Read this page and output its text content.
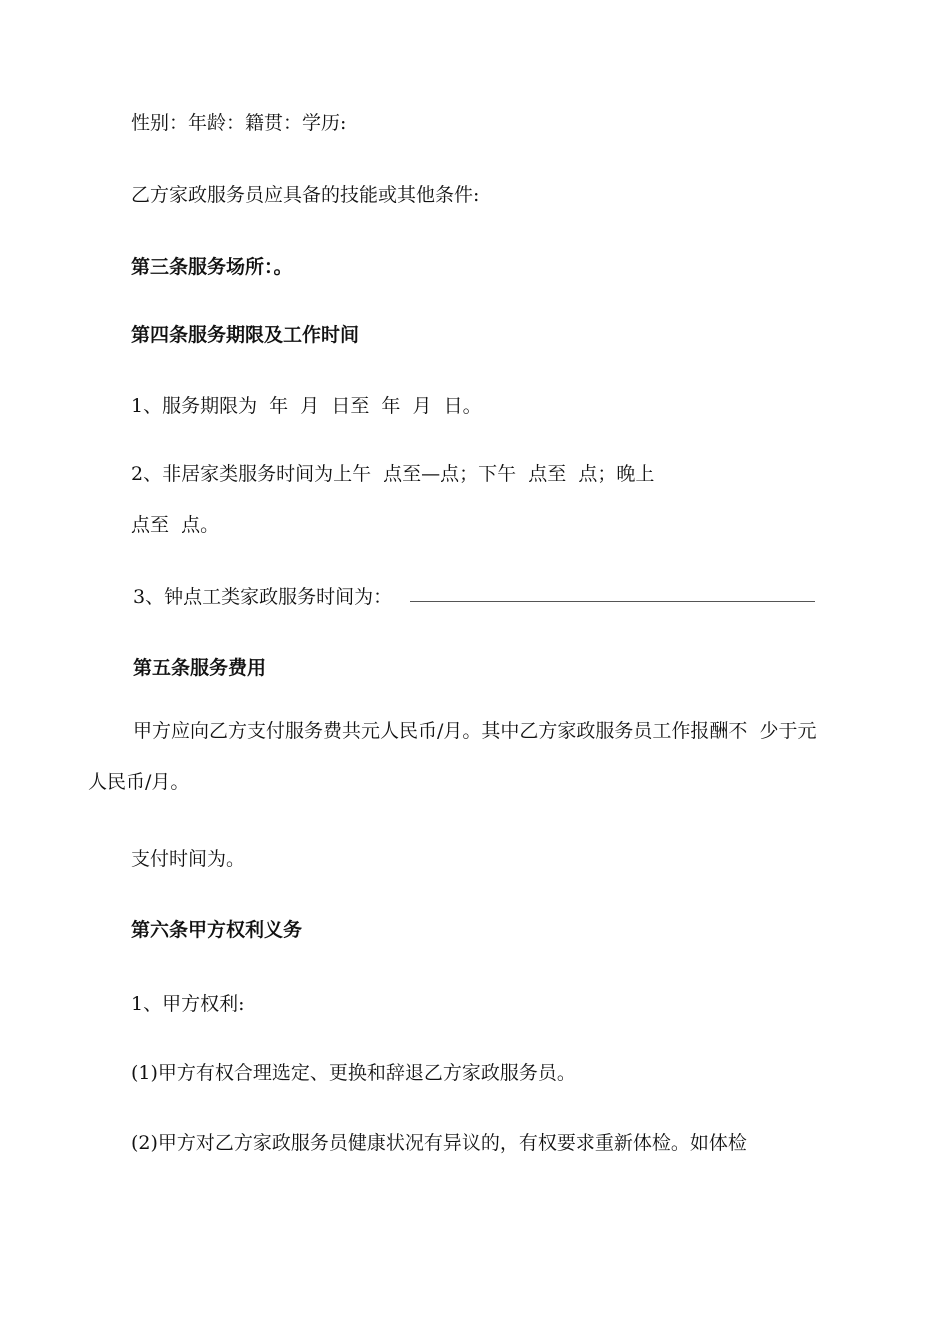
性别：年龄：籍贯：学历:
乙方家政服务员应具备的技能或其他条件:
第三条服务场所：。
第四条服务期限及工作时间
1、服务期限为  年  月  日至  年  月  日。
2、非居家类服务时间为上午  点至—点；下午  点至  点；晚上
点至  点。
3、钟点工类家政服务时间为：
第五条服务费用
甲方应向乙方支付服务费共元人民币/月。其中乙方家政服务员工作报酬不  少于元
人民币/月。
支付时间为。
第六条甲方权利义务
1、甲方权利:
(1)甲方有权合理选定、更换和辞退乙方家政服务员。
(2)甲方对乙方家政服务员健康状况有异议的，有权要求重新体检。如体检
